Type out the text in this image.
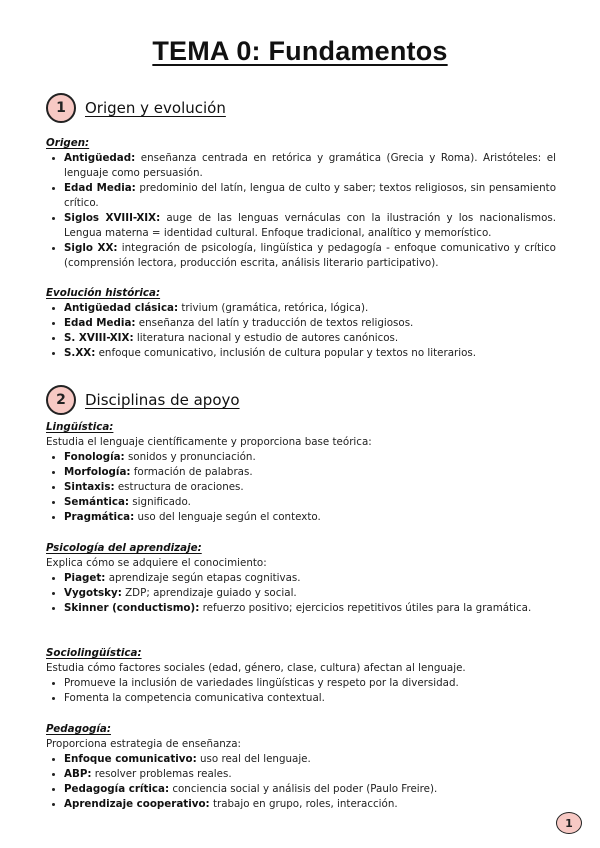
TEMA 0: Fundamentos
1	Origen y evolución
Origen:
• Antigüedad: enseñanza centrada en retórica y gramática (Grecia y Roma). Aristóteles: el lenguaje como persuasión.
• Edad Media: predominio del latín, lengua de culto y saber; textos religiosos, sin pensamiento crítico.
• Siglos XVIII-XIX: auge de las lenguas vernáculas con la ilustración y los nacionalismos. Lengua materna = identidad cultural. Enfoque tradicional, analítico y memorístico.
• Siglo XX: integración de psicología, lingüística y pedagogía - enfoque comunicativo y crítico (comprensión lectora, producción escrita, análisis literario participativo).
Evolución histórica:
• Antigüedad clásica: trivium (gramática, retórica, lógica).
• Edad Media: enseñanza del latín y traducción de textos religiosos.
• S. XVIII-XIX: literatura nacional y estudio de autores canónicos.
• S.XX: enfoque comunicativo, inclusión de cultura popular y textos no literarios.
2	Disciplinas de apoyo
Lingüística:
Estudia el lenguaje científicamente y proporciona base teórica:
• Fonología: sonidos y pronunciación.
• Morfología: formación de palabras.
• Sintaxis: estructura de oraciones.
• Semántica: significado.
• Pragmática: uso del lenguaje según el contexto.
Psicología del aprendizaje:
Explica cómo se adquiere el conocimiento:
• Piaget: aprendizaje según etapas cognitivas.
• Vygotsky: ZDP; aprendizaje guiado y social.
• Skinner (conductismo): refuerzo positivo; ejercicios repetitivos útiles para la gramática.
Sociolingüística:
Estudia cómo factores sociales (edad, género, clase, cultura) afectan al lenguaje.
• Promueve la inclusión de variedades lingüísticas y respeto por la diversidad.
• Fomenta la competencia comunicativa contextual.
Pedagogía:
Proporciona estrategia de enseñanza:
• Enfoque comunicativo: uso real del lenguaje.
• ABP: resolver problemas reales.
• Pedagogía crítica: conciencia social y análisis del poder (Paulo Freire).
• Aprendizaje cooperativo: trabajo en grupo, roles, interacción.
1
